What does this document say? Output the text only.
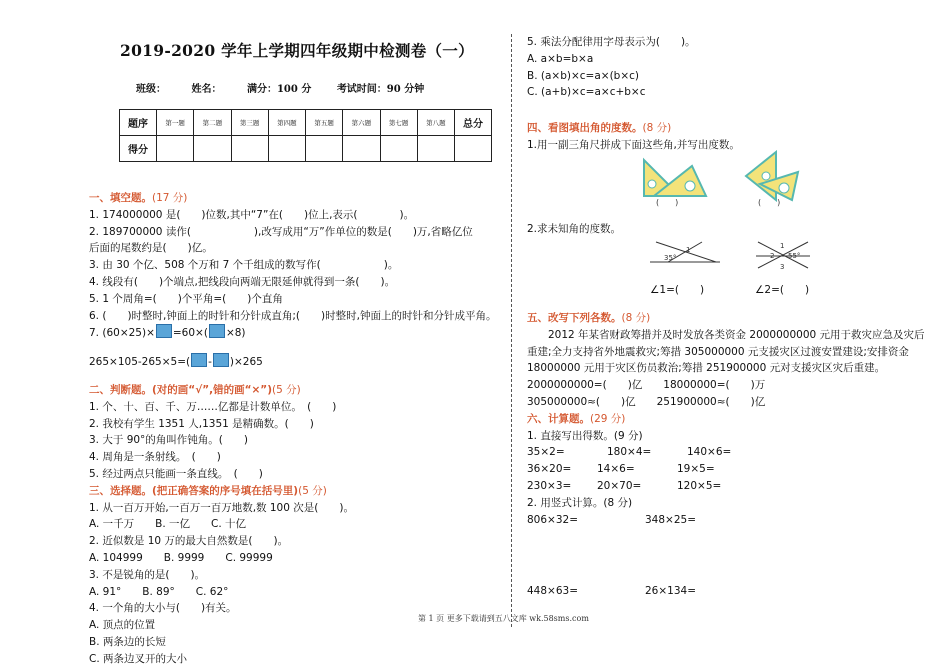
2019-2020 学年上学期四年级期中检测卷（一）
班级：	姓名：	满分：100 分	考试时间：90 分钟
题序	第一题	第二题	第三题	第四题	第五题	第六题	第七题	第八题	总分
得分									
一、填空题。(17 分)
1. 174000000 是(　　)位数,其中“7”在(　　)位上,表示(　　　　)。
2. 189700000 读作(　　　　　　),改写成用“万”作单位的数是(　　)万,省略亿位
后面的尾数约是(　　)亿。
3. 由 30 个亿、508 个万和 7 个千组成的数写作(　　　　　　)。
4. 线段有(　　)个端点,把线段向两端无限延伸就得到一条(　　)。
5. 1 个周角=(　　)个平角=(　　)个直角
6. (　　)时整时,钟面上的时针和分针成直角;(　　)时整时,钟面上的时针和分针成平角。
7. (60×25)× =60×( ×8)
265×105-265×5=( - )×265
二、判断题。(对的画“√”,错的画“×”)(5 分)
1. 个、十、百、千、万……亿都是计数单位。　(　　)
2. 我校有学生 1351 人,1351 是精确数。(　　)
3. 大于 90°的角叫作钝角。(　　)
4. 周角是一条射线。　(　　)
5. 经过两点只能画一条直线。　(　　)
三、选择题。(把正确答案的序号填在括号里)(5 分)
1. 从一百万开始,一百万一百万地数,数 100 次是(　　)。
A. 一千万　　B. 一亿　　C. 十亿
2. 近似数是 10 万的最大自然数是(　　)。
A. 104999　　B. 9999　　C. 99999
3. 不是锐角的是(　　)。
A. 91°　　B. 89°　　C. 62°
4. 一个角的大小与(　　)有关。
A. 顶点的位置
B. 两条边的长短
C. 两条边叉开的大小
5. 乘法分配律用字母表示为(　　)。
A. a×b=b×a
B. (a×b)×c=a×(b×c)
C. (a+b)×c=a×c+b×c
四、看图填出角的度数。(8 分)
1.用一副三角尺拼成下面这些角,并写出度数。
(　　)	(　　)
2.求未知角的度数。
35°
1	1
2
3
55°
∠1=(　　)	∠2=(　　)
五、改写下列各数。(8 分)
　　2012 年某省财政筹措并及时发放各类资金 2000000000 元用于救灾应急及灾后重建;全力支持省外地震救灾;筹措 305000000 元支援灾区过渡安置建设;安排资金 18000000 元用于灾区伤员救治;筹措 251900000 元对支援灾区灾后重建。
2000000000=(　　)亿　　18000000=(　　)万
305000000≈(　　)亿　　251900000≈(　　)亿
六、计算题。(29 分)
1. 直接写出得数。(9 分)
35×2=	180×4=	140×6=
36×20= 14×6=	19×5=
230×3= 20×70=	120×5=
2. 用竖式计算。(8 分)
806×32=	348×25=
448×63=	26×134=
第 1 页 更多下载请到五八文库 wk.58sms.com
